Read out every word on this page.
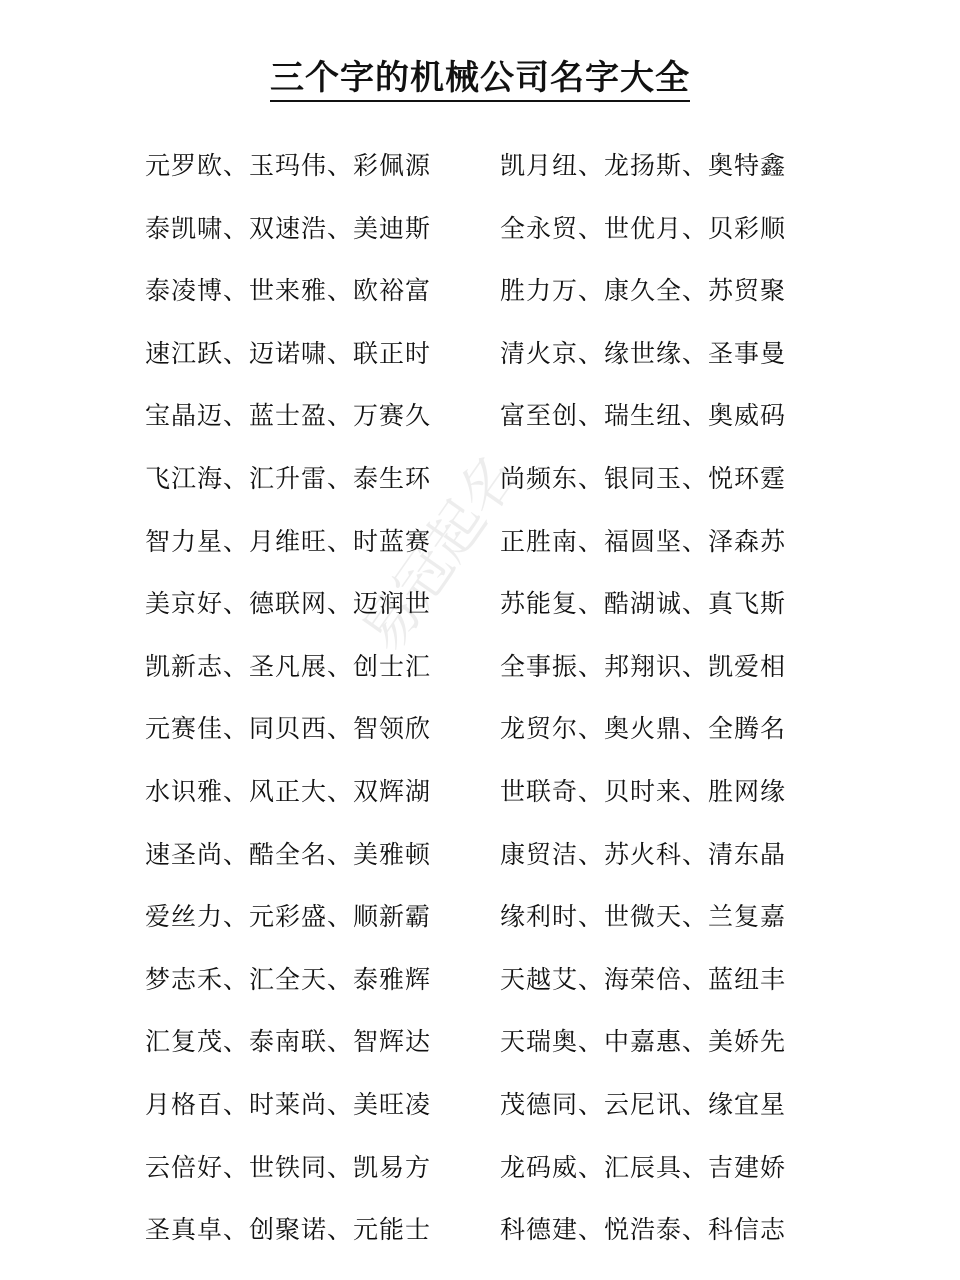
三个字的机械公司名字大全
易冠起名
元罗欧、玉玛伟、彩佩源	凯月纽、龙扬斯、奥特鑫
泰凯啸、双速浩、美迪斯	全永贸、世优月、贝彩顺
泰凌博、世来雅、欧裕富	胜力万、康久全、苏贸聚
速江跃、迈诺啸、联正时	清火京、缘世缘、圣事曼
宝晶迈、蓝士盈、万赛久	富至创、瑞生纽、奥威码
飞江海、汇升雷、泰生环	尚频东、银同玉、悦环霆
智力星、月维旺、时蓝赛	正胜南、福圆坚、泽森苏
美京好、德联网、迈润世	苏能复、酷湖诚、真飞斯
凯新志、圣凡展、创士汇	全事振、邦翔识、凯爱相
元赛佳、同贝西、智领欣	龙贸尔、奥火鼎、全腾名
水识雅、风正大、双辉湖	世联奇、贝时来、胜网缘
速圣尚、酷全名、美雅顿	康贸洁、苏火科、清东晶
爱丝力、元彩盛、顺新霸	缘利时、世微天、兰复嘉
梦志禾、汇全天、泰雅辉	天越艾、海荣倍、蓝纽丰
汇复茂、泰南联、智辉达	天瑞奥、中嘉惠、美娇先
月格百、时莱尚、美旺凌	茂德同、云尼讯、缘宜星
云倍好、世铁同、凯易方	龙码威、汇辰具、吉建娇
圣真卓、创聚诺、元能士	科德建、悦浩泰、科信志
